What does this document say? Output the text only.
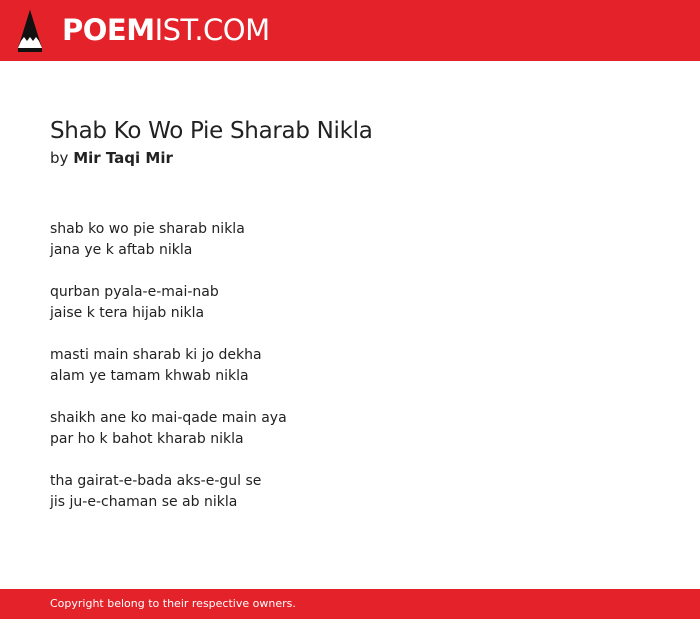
POEMIST.COM
Shab Ko Wo Pie Sharab Nikla
by Mir Taqi Mir
shab ko wo pie sharab nikla
jana ye k aftab nikla
qurban pyala-e-mai-nab
jaise k tera hijab nikla
masti main sharab ki jo dekha
alam ye tamam khwab nikla
shaikh ane ko mai-qade main aya
par ho k bahot kharab nikla
tha gairat-e-bada aks-e-gul se
jis ju-e-chaman se ab nikla
Copyright belong to their respective owners.
